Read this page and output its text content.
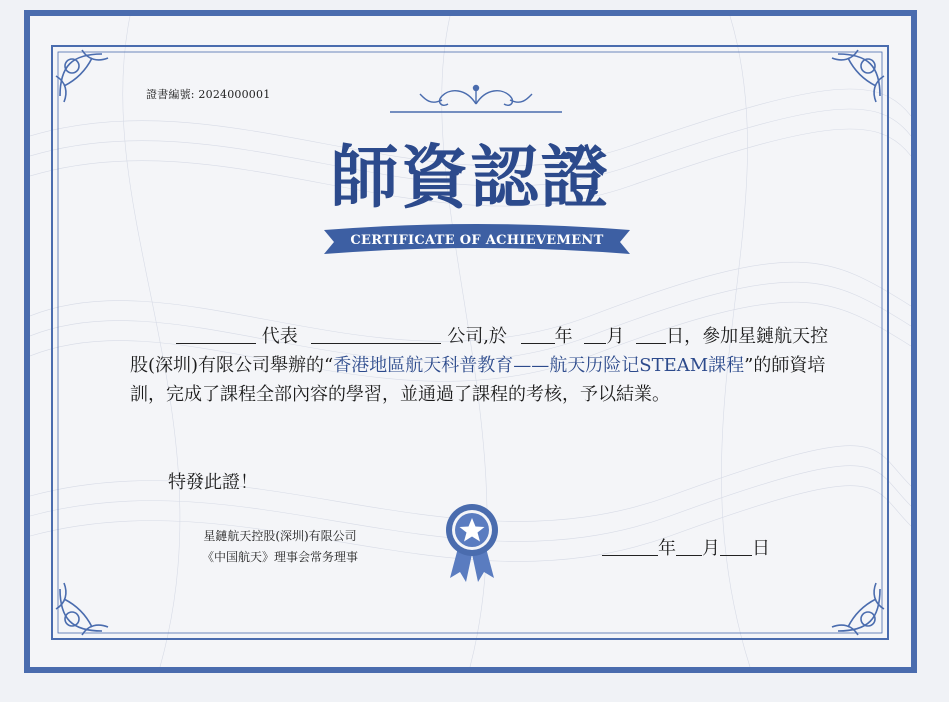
證書編號: 2024000001
師資認證
CERTIFICATE OF ACHIEVEMENT
代表	公司,於	年 月 日，參加星鏈航天控股(深圳)有限公司舉辦的“香港地區航天科普教育——航天历险记STEAM課程”的師資培訓，完成了課程全部內容的學習，並通過了課程的考核，予以結業。
特發此證！
星鏈航天控股(深圳)有限公司
《中国航天》理事会常务理事	年 月 日
